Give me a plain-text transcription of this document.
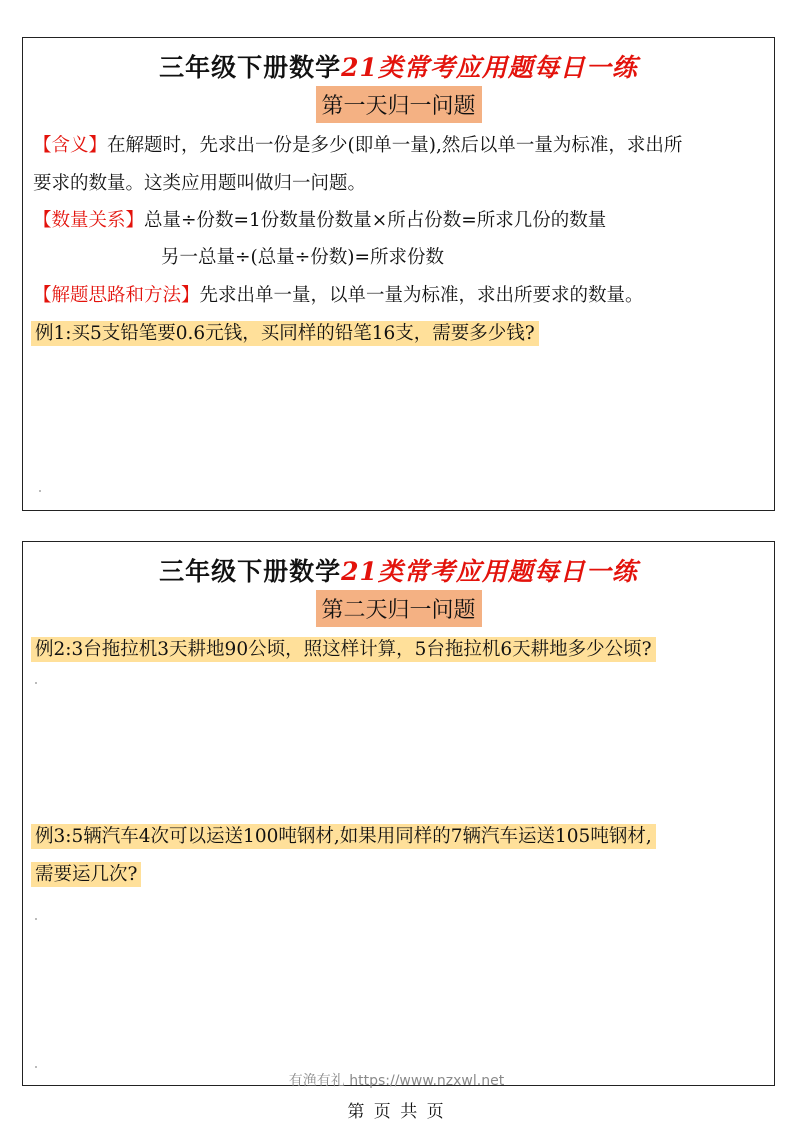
三年级下册数学21类常考应用题每日一练
第一天归一问题
【含义】在解题时，先求出一份是多少(即单一量),然后以单一量为标准，求出所
要求的数量。这类应用题叫做归一问题。
【数量关系】总量÷份数=1份数量份数量×所占份数=所求几份的数量
另一总量÷(总量÷份数)=所求份数
【解题思路和方法】先求出单一量，以单一量为标准，求出所要求的数量。
例1:买5支铅笔要0.6元钱，买同样的铅笔16支，需要多少钱?
三年级下册数学21类常考应用题每日一练
第二天归一问题
例2:3台拖拉机3天耕地90公顷，照这样计算，5台拖拉机6天耕地多少公顷?
例3:5辆汽车4次可以运送100吨钢材,如果用同样的7辆汽车运送105吨钢材,
需要运几次?
有渔有礼 https://www.nzxwl.net
第 页 共 页
